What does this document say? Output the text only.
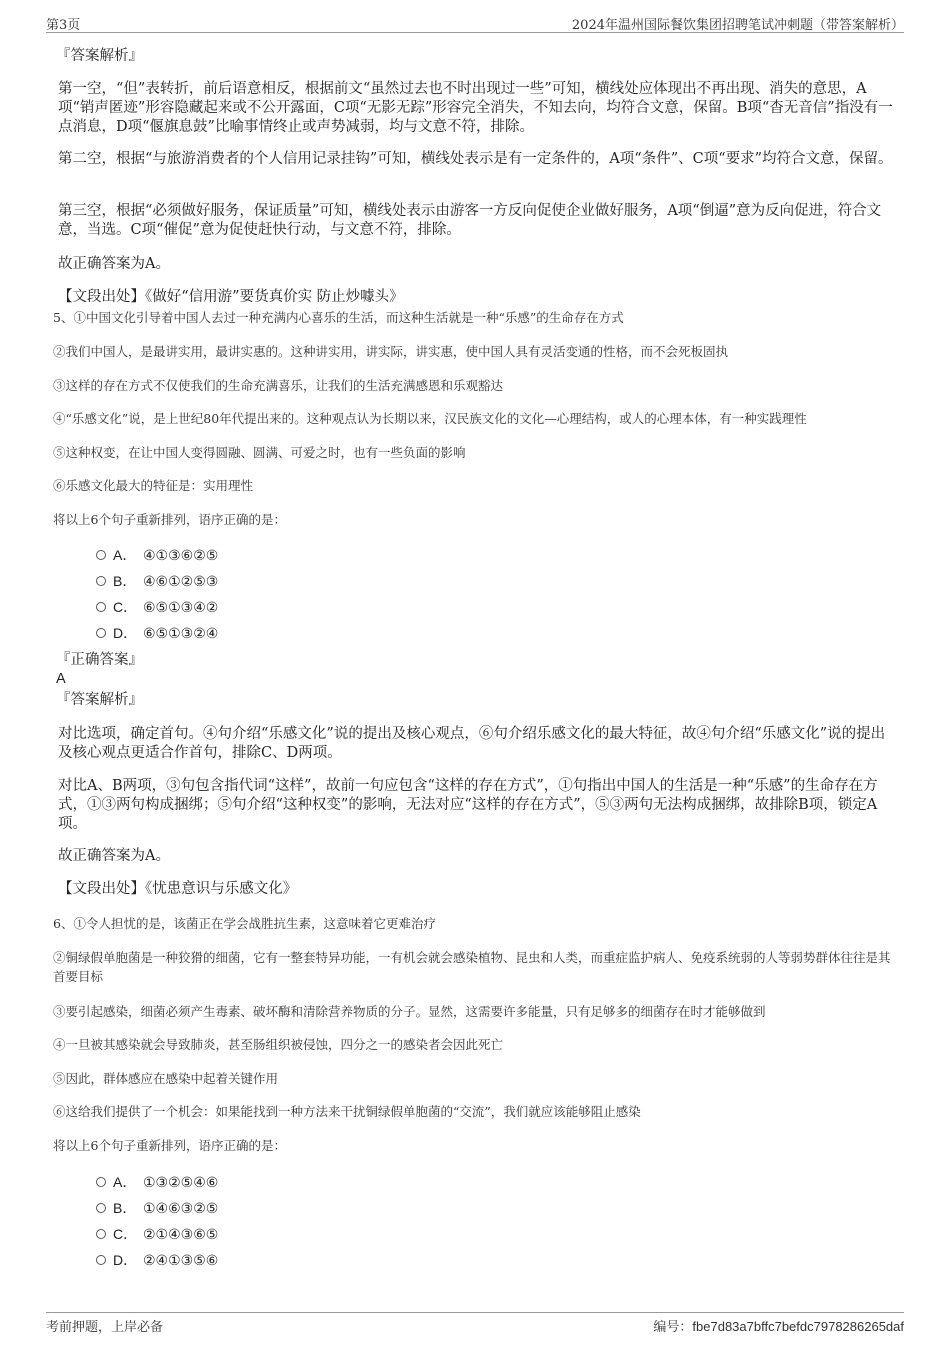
第3页	2024年温州国际餐饮集团招聘笔试冲刺题（带答案解析）
『答案解析』
第一空，“但”表转折，前后语意相反，根据前文“虽然过去也不时出现过一些”可知，横线处应体现出不再出现、消失的意思，A项“销声匿迹”形容隐藏起来或不公开露面，C项“无影无踪”形容完全消失，不知去向，均符合文意，保留。B项“杳无音信”指没有一点消息，D项“偃旗息鼓”比喻事情终止或声势减弱，均与文意不符，排除。
第二空，根据“与旅游消费者的个人信用记录挂钩”可知，横线处表示是有一定条件的，A项“条件”、C项“要求”均符合文意，保留。
第三空，根据“必须做好服务，保证质量”可知，横线处表示由游客一方反向促使企业做好服务，A项“倒逼”意为反向促进，符合文意，当选。C项“催促”意为促使赶快行动，与文意不符，排除。
故正确答案为A。
【文段出处】《做好“信用游”要货真价实 防止炒噱头》
5、①中国文化引导着中国人去过一种充满内心喜乐的生活，而这种生活就是一种“乐感”的生命存在方式
②我们中国人，是最讲实用，最讲实惠的。这种讲实用，讲实际，讲实惠，使中国人具有灵活变通的性格，而不会死板固执
③这样的存在方式不仅使我们的生命充满喜乐，让我们的生活充满感恩和乐观豁达
④“乐感文化”说，是上世纪80年代提出来的。这种观点认为长期以来，汉民族文化的文化—心理结构，或人的心理本体，有一种实践理性
⑤这种权变，在让中国人变得圆融、圆满、可爱之时，也有一些负面的影响
⑥乐感文化最大的特征是：实用理性
将以上6个句子重新排列，语序正确的是：
A． ④①③⑥②⑤
B． ④⑥①②⑤③
C． ⑥⑤①③④②
D． ⑥⑤①③②④
『正确答案』
A
『答案解析』
对比选项，确定首句。④句介绍“乐感文化”说的提出及核心观点，⑥句介绍乐感文化的最大特征，故④句介绍“乐感文化”说的提出及核心观点更适合作首句，排除C、D两项。
对比A、B两项，③句包含指代词“这样”，故前一句应包含“这样的存在方式”，①句指出中国人的生活是一种“乐感”的生命存在方式，①③两句构成捆绑；⑤句介绍“这种权变”的影响，无法对应“这样的存在方式”，⑤③两句无法构成捆绑，故排除B项，锁定A项。
故正确答案为A。
【文段出处】《忧患意识与乐感文化》
6、①令人担忧的是，该菌正在学会战胜抗生素，这意味着它更难治疗
②铜绿假单胞菌是一种狡猾的细菌，它有一整套特异功能，一有机会就会感染植物、昆虫和人类，而重症监护病人、免疫系统弱的人等弱势群体往往是其首要目标
③要引起感染，细菌必须产生毒素、破坏酶和清除营养物质的分子。显然，这需要许多能量，只有足够多的细菌存在时才能够做到
④一旦被其感染就会导致肺炎，甚至肠组织被侵蚀，四分之一的感染者会因此死亡
⑤因此，群体感应在感染中起着关键作用
⑥这给我们提供了一个机会：如果能找到一种方法来干扰铜绿假单胞菌的“交流”，我们就应该能够阻止感染
将以上6个句子重新排列，语序正确的是：
A． ①③②⑤④⑥
B． ①④⑥③②⑤
C． ②①④③⑥⑤
D． ②④①③⑤⑥
考前押题，上岸必备	编号：fbe7d83a7bffc7befdc7978286265daf
